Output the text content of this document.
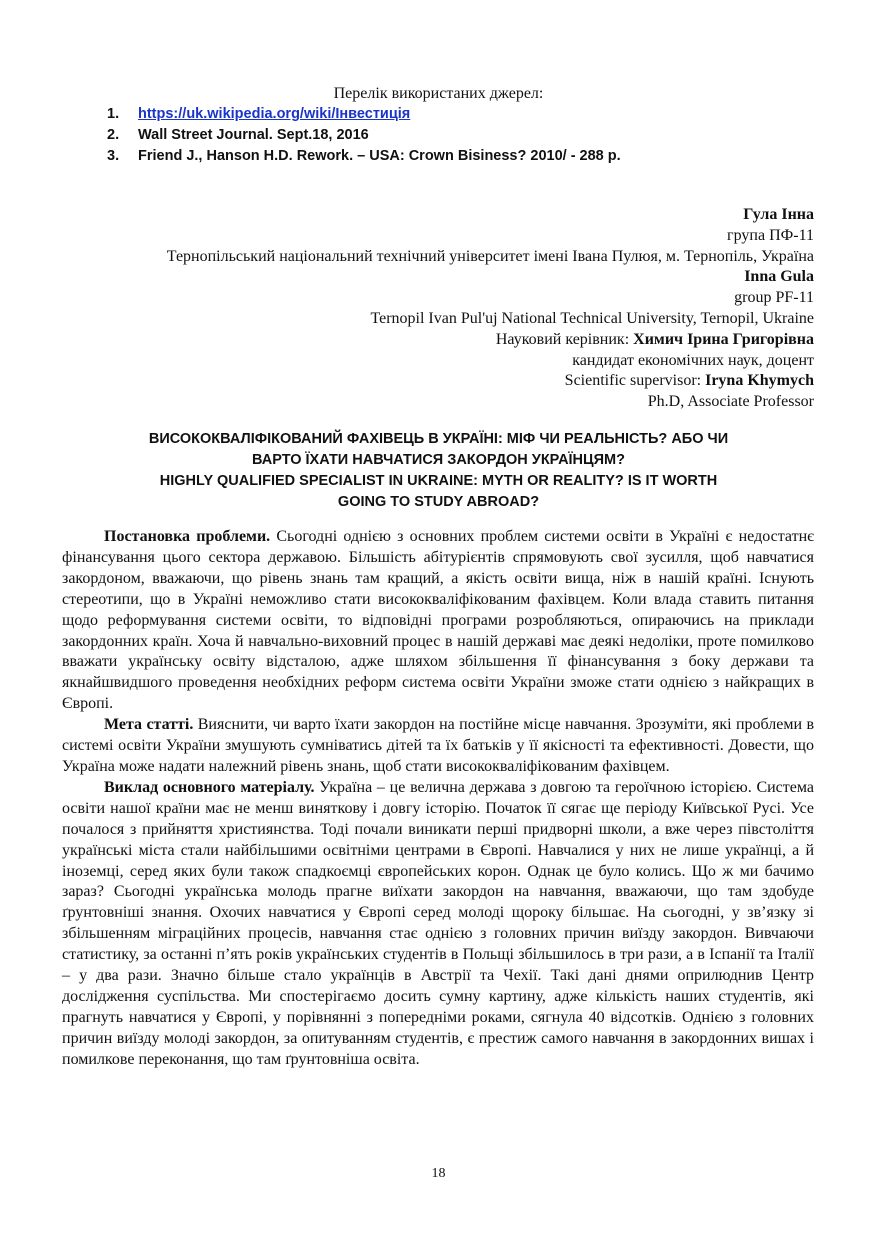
Перелік використаних джерел:
1. https://uk.wikipedia.org/wiki/Інвестиція
2. Wall Street Journal. Sept.18, 2016
3. Friend J., Hanson H.D. Rework. – USA: Crown Bisiness? 2010/ - 288 p.
Гула Інна
група ПФ-11
Тернопільський національний технічний університет імені Івана Пулюя, м. Тернопіль, Україна
Inna Gula
group PF-11
Ternopil Ivan Pul'uj National Technical University, Ternopil, Ukraine
Науковий керівник: Химич Ірина Григорівна
кандидат економічних наук, доцент
Scientific supervisor: Iryna Khymych
Ph.D, Associate Professor
ВИСОКОКВАЛІФІКОВАНИЙ ФАХІВЕЦЬ В УКРАЇНІ: МІФ ЧИ РЕАЛЬНІСТЬ? АБО ЧИ
ВАРТО ЇХАТИ НАВЧАТИСЯ ЗАКОРДОН УКРАЇНЦЯМ?
HIGHLY QUALIFIED SPECIALIST IN UKRAINE: MYTH OR REALITY? IS IT WORTH
GOING TO STUDY ABROAD?

Постановка проблеми. Сьогодні однією з основних проблем системи освіти в Україні є недостатнє фінансування цього сектора державою. Більшість абітурієнтів спрямовують свої зусилля, щоб навчатися закордоном, вважаючи, що рівень знань там кращий, а якість освіти вища, ніж в нашій країні. Існують стереотипи, що в Україні неможливо стати висококваліфікованим фахівцем. Коли влада ставить питання щодо реформування системи освіти, то відповідні програми розробляються, опираючись на приклади закордонних країн. Хоча й навчально-виховний процес в нашій державі має деякі недоліки, проте помилково вважати українську освіту відсталою, адже шляхом збільшення її фінансування з боку держави та якнайшвидшого проведення необхідних реформ система освіти України зможе стати однією з найкращих в Європі.

Мета статті. Вияснити, чи варто їхати закордон на постійне місце навчання. Зрозуміти, які проблеми в системі освіти України змушують сумніватись дітей та їх батьків у її якісності та ефективності. Довести, що Україна може надати належний рівень знань, щоб стати висококваліфікованим фахівцем.

Виклад основного матеріалу. Україна – це велична держава з довгою та героїчною історією. Система освіти нашої країни має не менш виняткову і довгу історію. Початок її сягає ще періоду Київської Русі. Усе почалося з прийняття християнства. Тоді почали виникати перші придворні школи, а вже через півстоліття українські міста стали найбільшими освітніми центрами в Європі. Навчалися у них не лише українці, а й іноземці, серед яких були також спадкоємці європейських корон. Однак це було колись. Що ж ми бачимо зараз? Сьогодні українська молодь прагне виїхати закордон на навчання, вважаючи, що там здобуде ґрунтовніші знання. Охочих навчатися у Європі серед молоді щороку більшає. На сьогодні, у зв’язку зі збільшенням міграційних процесів, навчання стає однією з головних причин виїзду закордон. Вивчаючи статистику, за останні п’ять років українських студентів в Польщі збільшилось в три рази, а в Іспанії та Італії – у два рази. Значно більше стало українців в Австрії та Чехії. Такі дані днями оприлюднив Центр дослідження суспільства. Ми спостерігаємо досить сумну картину, адже кількість наших студентів, які прагнуть навчатися у Європі, у порівнянні з попередніми роками, сягнула 40 відсотків. Однією з головних причин виїзду молоді закордон, за опитуванням студентів, є престиж самого навчання в закордонних вишах і помилкове переконання, що там ґрунтовніша освіта.

18
